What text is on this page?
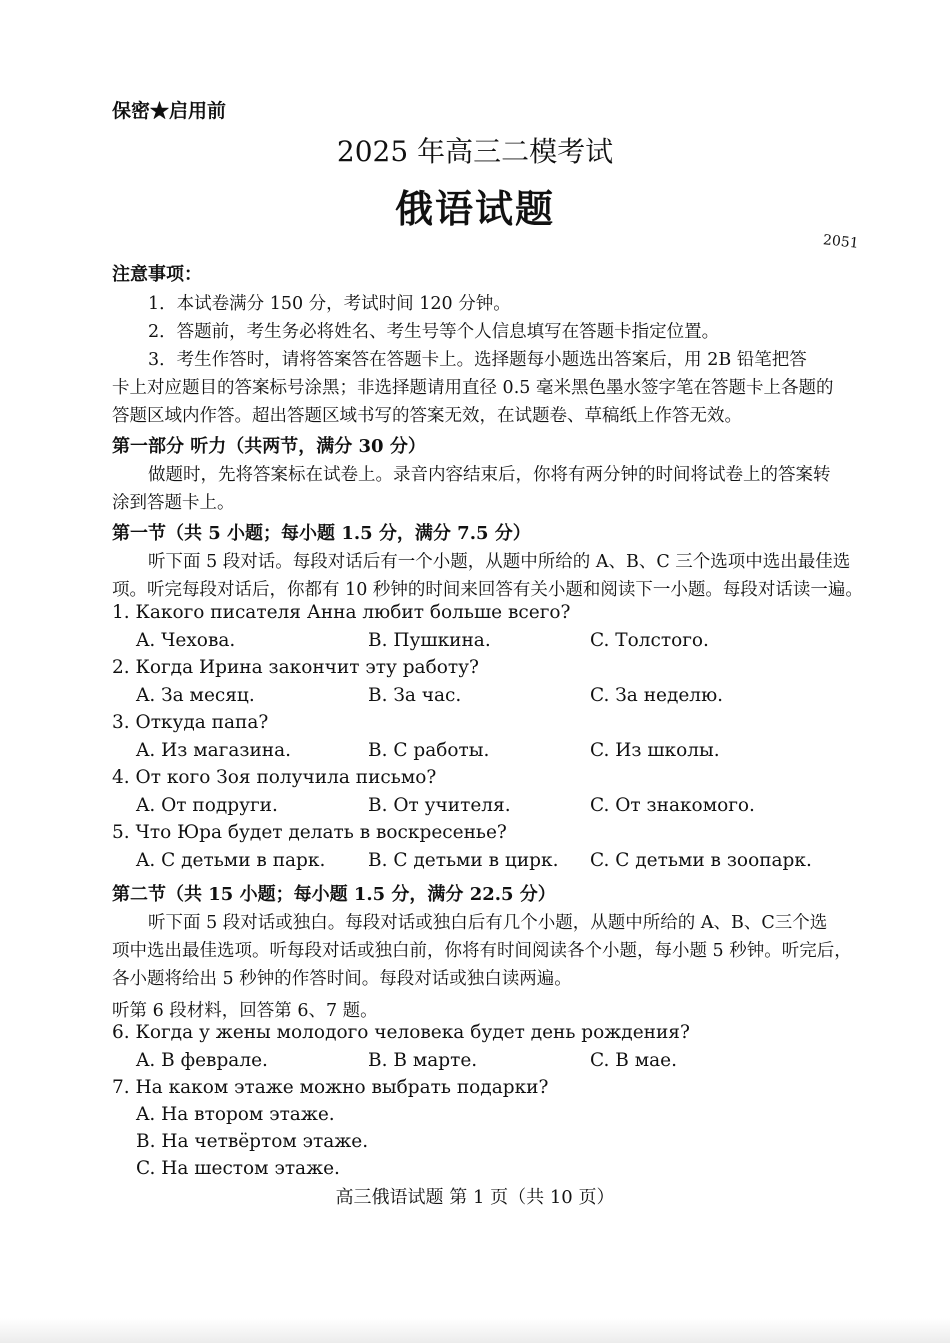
保密★启用前
2025 年高三二模考试
俄语试题
2051
注意事项：
1．本试卷满分 150 分，考试时间 120 分钟。
2．答题前，考生务必将姓名、考生号等个人信息填写在答题卡指定位置。
3．考生作答时，请将答案答在答题卡上。选择题每小题选出答案后，用 2B 铅笔把答
卡上对应题目的答案标号涂黑；非选择题请用直径 0.5 毫米黑色墨水签字笔在答题卡上各题的
答题区域内作答。超出答题区域书写的答案无效，在试题卷、草稿纸上作答无效。
第一部分 听力（共两节，满分 30 分）
做题时，先将答案标在试卷上。录音内容结束后，你将有两分钟的时间将试卷上的答案转
涂到答题卡上。
第一节（共 5 小题；每小题 1.5 分，满分 7.5 分）
听下面 5 段对话。每段对话后有一个小题，从题中所给的 A、B、C 三个选项中选出最佳选
项。听完每段对话后，你都有 10 秒钟的时间来回答有关小题和阅读下一小题。每段对话读一遍。
1. Какого писателя Анна любит больше всего?
A. Чехова.	B. Пушкина.	C. Толстого.
2. Когда Ирина закончит эту работу?
A. За месяц.	B. За час.	C. За неделю.
3. Откуда папа?
A. Из магазина.	B. С работы.	C. Из школы.
4. От кого Зоя получила письмо?
A. От подруги.	B. От учителя.	C. От знакомого.
5. Что Юра будет делать в воскресенье?
A. С детьми в парк. B. С детьми в цирк. C. С детьми в зоопарк.
第二节（共 15 小题；每小题 1.5 分，满分 22.5 分）
听下面 5 段对话或独白。每段对话或独白后有几个小题，从题中所给的 A、B、C三个选
项中选出最佳选项。听每段对话或独白前，你将有时间阅读各个小题，每小题 5 秒钟。听完后，
各小题将给出 5 秒钟的作答时间。每段对话或独白读两遍。
听第 6 段材料，回答第 6、7 题。
6. Когда у жены молодого человека будет день рождения?
A. В феврале.	B. В марте.	C. В мае.
7. На каком этаже можно выбрать подарки?
A. На втором этаже.
B. На четвёртом этаже.
C. На шестом этаже.
高三俄语试题 第 1 页（共 10 页）
